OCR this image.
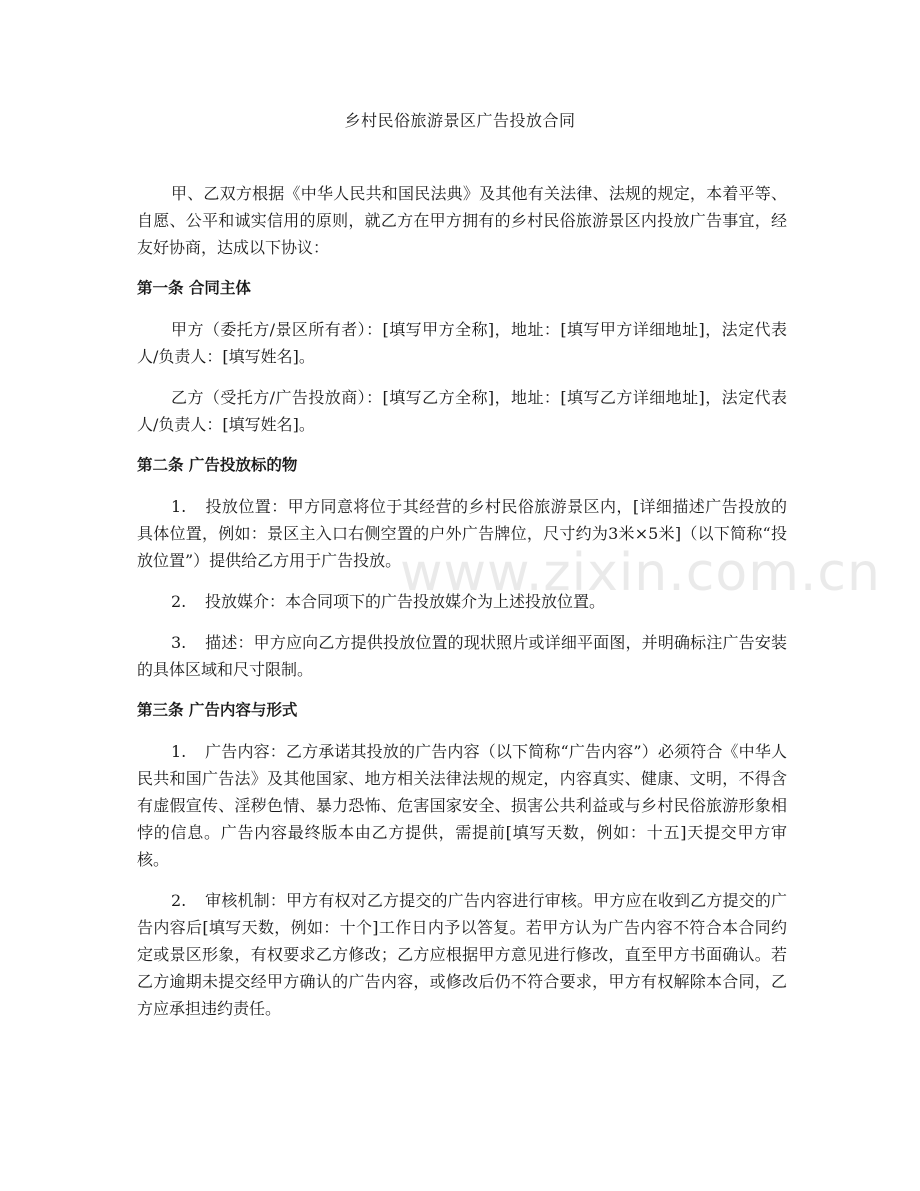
乡村民俗旅游景区广告投放合同

甲、乙双方根据《中华人民共和国民法典》及其他有关法律、法规的规定，本着平等、自愿、公平和诚实信用的原则，就乙方在甲方拥有的乡村民俗旅游景区内投放广告事宜，经友好协商，达成以下协议：

第一条 合同主体

甲方（委托方/景区所有者）：[填写甲方全称]，地址：[填写甲方详细地址]，法定代表人/负责人：[填写姓名]。

乙方（受托方/广告投放商）：[填写乙方全称]，地址：[填写乙方详细地址]，法定代表人/负责人：[填写姓名]。

第二条 广告投放标的物

1. 投放位置：甲方同意将位于其经营的乡村民俗旅游景区内，[详细描述广告投放的具体位置，例如：景区主入口右侧空置的户外广告牌位，尺寸约为3米×5米]（以下简称“投放位置”）提供给乙方用于广告投放。

2. 投放媒介：本合同项下的广告投放媒介为上述投放位置。

3. 描述：甲方应向乙方提供投放位置的现状照片或详细平面图，并明确标注广告安装的具体区域和尺寸限制。

第三条 广告内容与形式

1. 广告内容：乙方承诺其投放的广告内容（以下简称“广告内容”）必须符合《中华人民共和国广告法》及其他国家、地方相关法律法规的规定，内容真实、健康、文明，不得含有虚假宣传、淫秽色情、暴力恐怖、危害国家安全、损害公共利益或与乡村民俗旅游形象相悖的信息。广告内容最终版本由乙方提供，需提前[填写天数，例如：十五]天提交甲方审核。

2. 审核机制：甲方有权对乙方提交的广告内容进行审核。甲方应在收到乙方提交的广告内容后[填写天数，例如：十个]工作日内予以答复。若甲方认为广告内容不符合本合同约定或景区形象，有权要求乙方修改；乙方应根据甲方意见进行修改，直至甲方书面确认。若乙方逾期未提交经甲方确认的广告内容，或修改后仍不符合要求，甲方有权解除本合同，乙方应承担违约责任。

www.zixin.com.cn
